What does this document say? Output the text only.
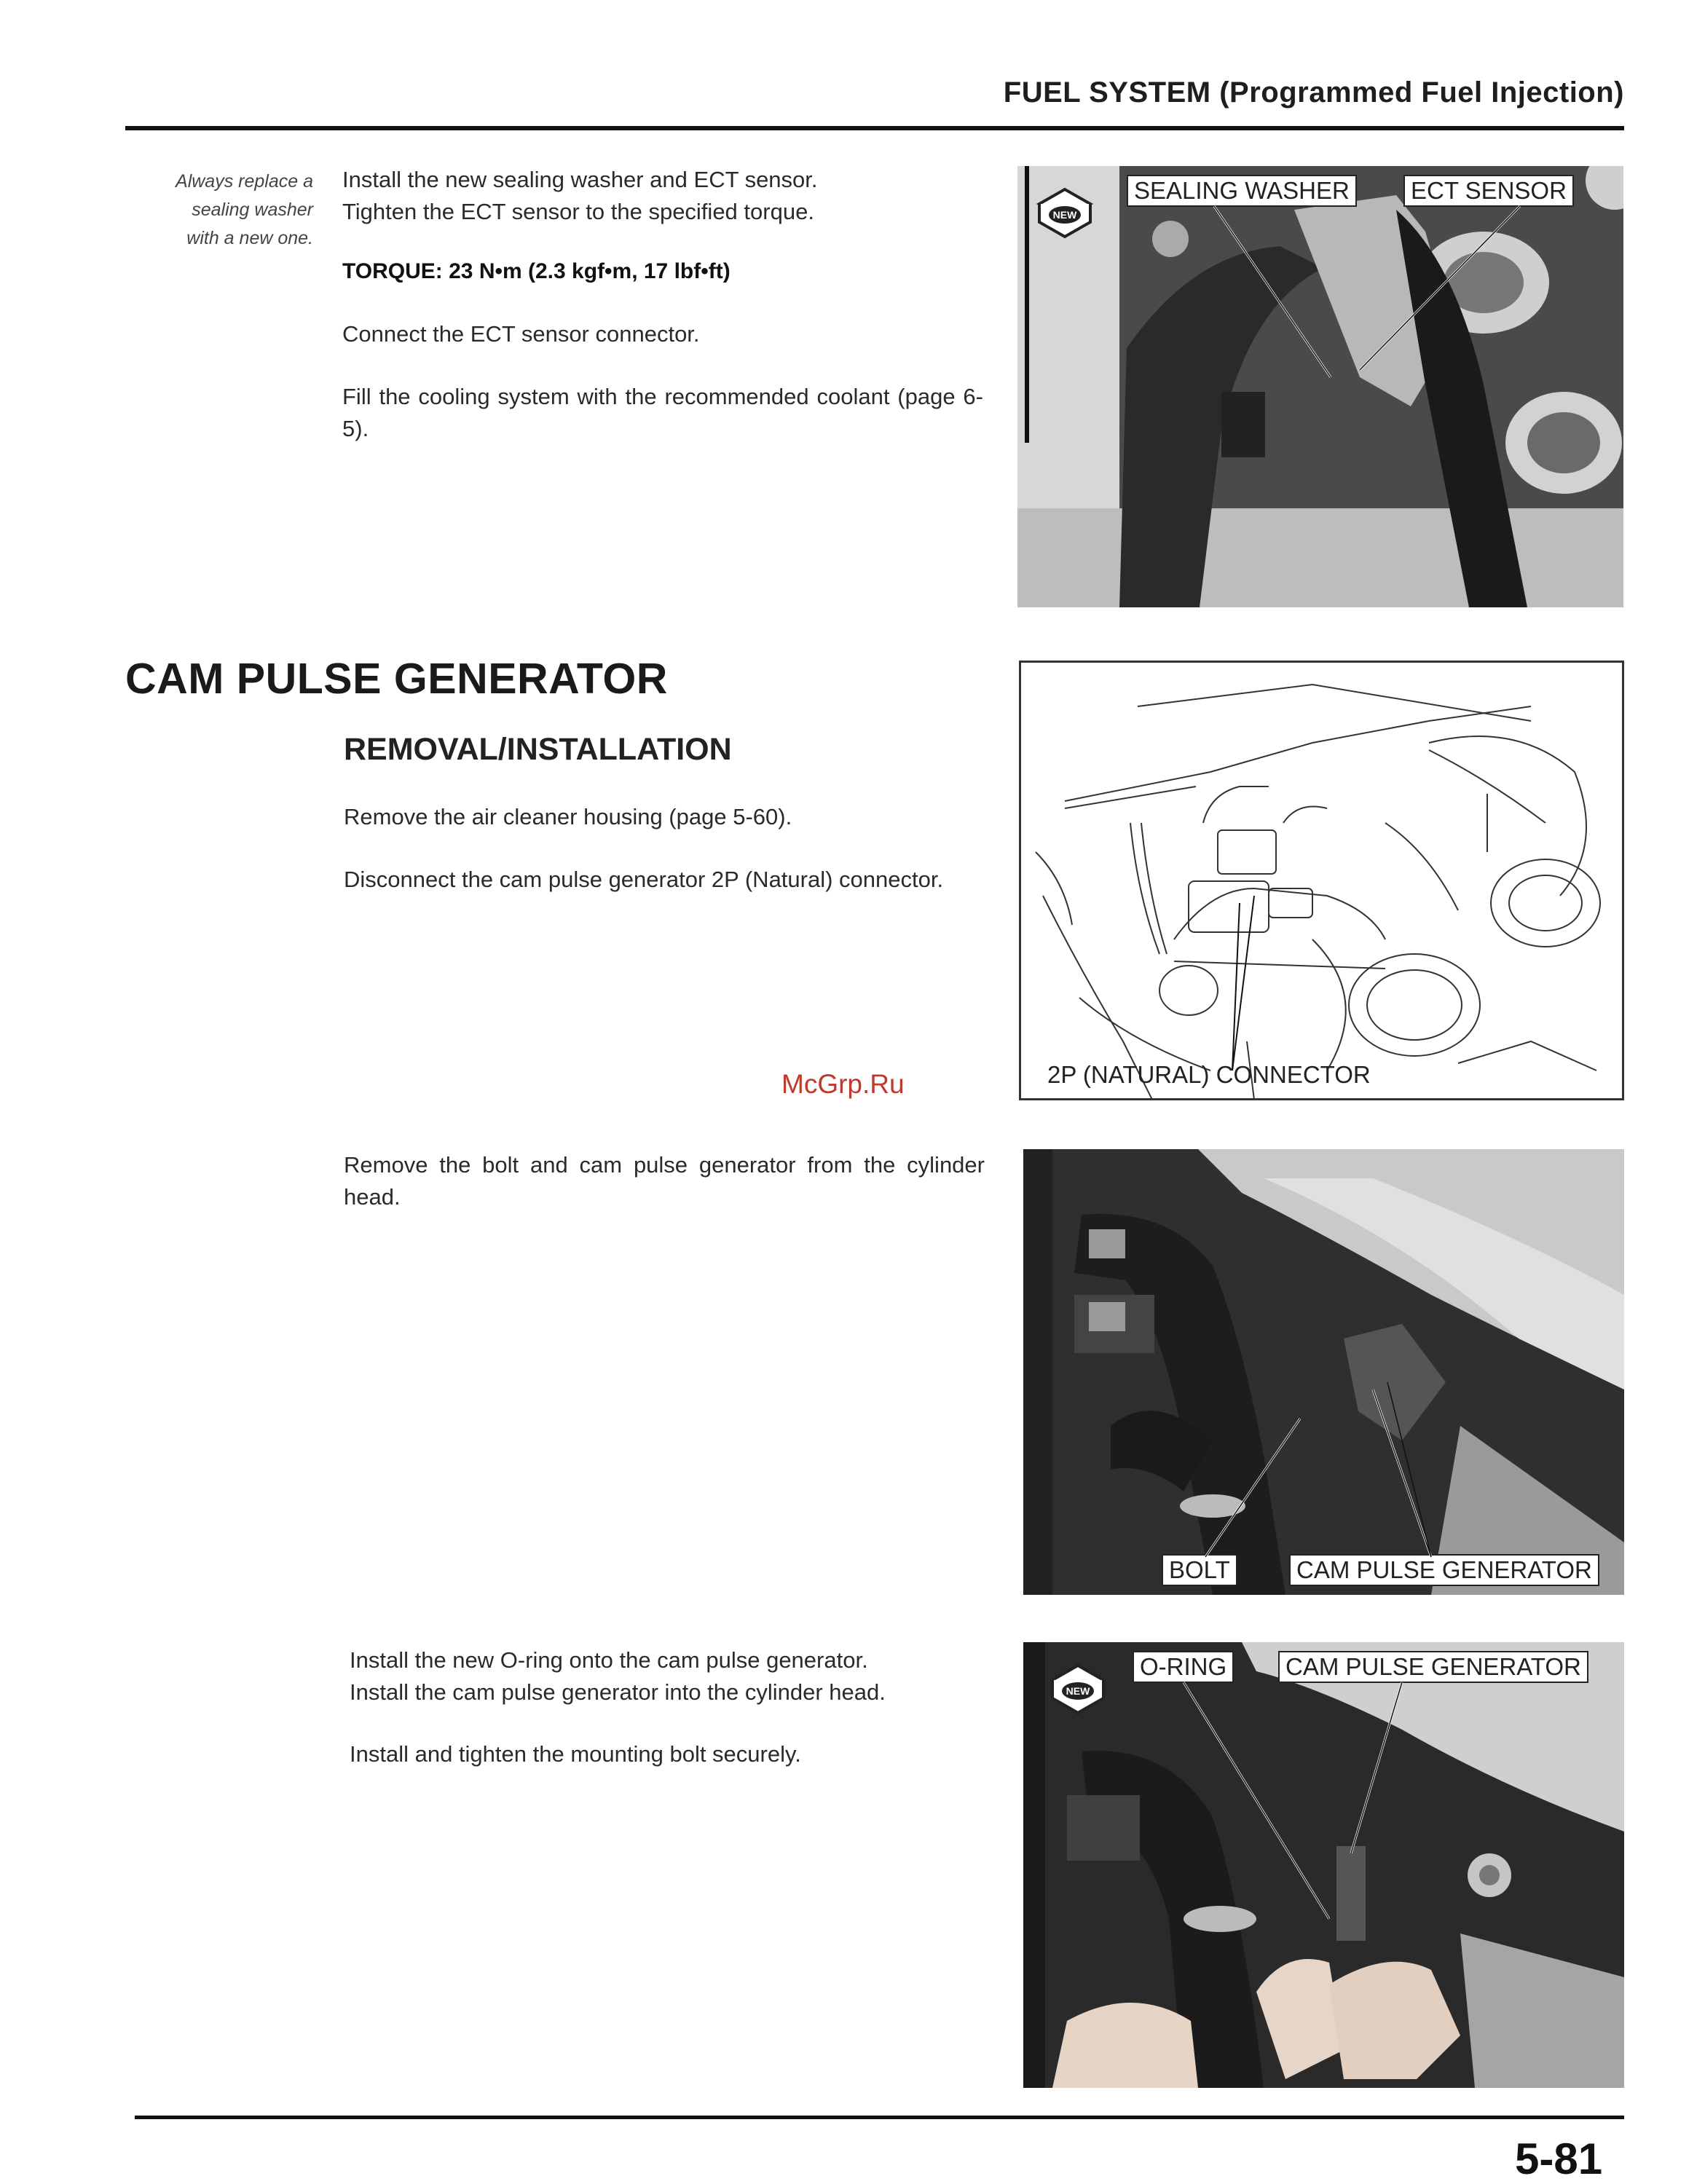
FUEL SYSTEM (Programmed Fuel Injection)
Always replace a
sealing washer
with a new one.
Install the new sealing washer and ECT sensor.
Tighten the ECT sensor to the specified torque.
TORQUE: 23 N•m (2.3 kgf•m, 17 lbf•ft)
Connect the ECT sensor connector.
Fill the cooling system with the recommended coolant (page 6-5).
NEW
SEALING WASHER	ECT SENSOR
CAM PULSE GENERATOR
REMOVAL/INSTALLATION
Remove the air cleaner housing (page 5-60).
Disconnect the cam pulse generator 2P (Natural) connector.
2P (NATURAL) CONNECTOR
McGrp.Ru
Remove the bolt and cam pulse generator from the cylinder head.
BOLT	CAM PULSE GENERATOR
Install the new O-ring onto the cam pulse generator.
Install the cam pulse generator into the cylinder head.
Install and tighten the mounting bolt securely.
NEW
O-RING	CAM PULSE GENERATOR
5-81
